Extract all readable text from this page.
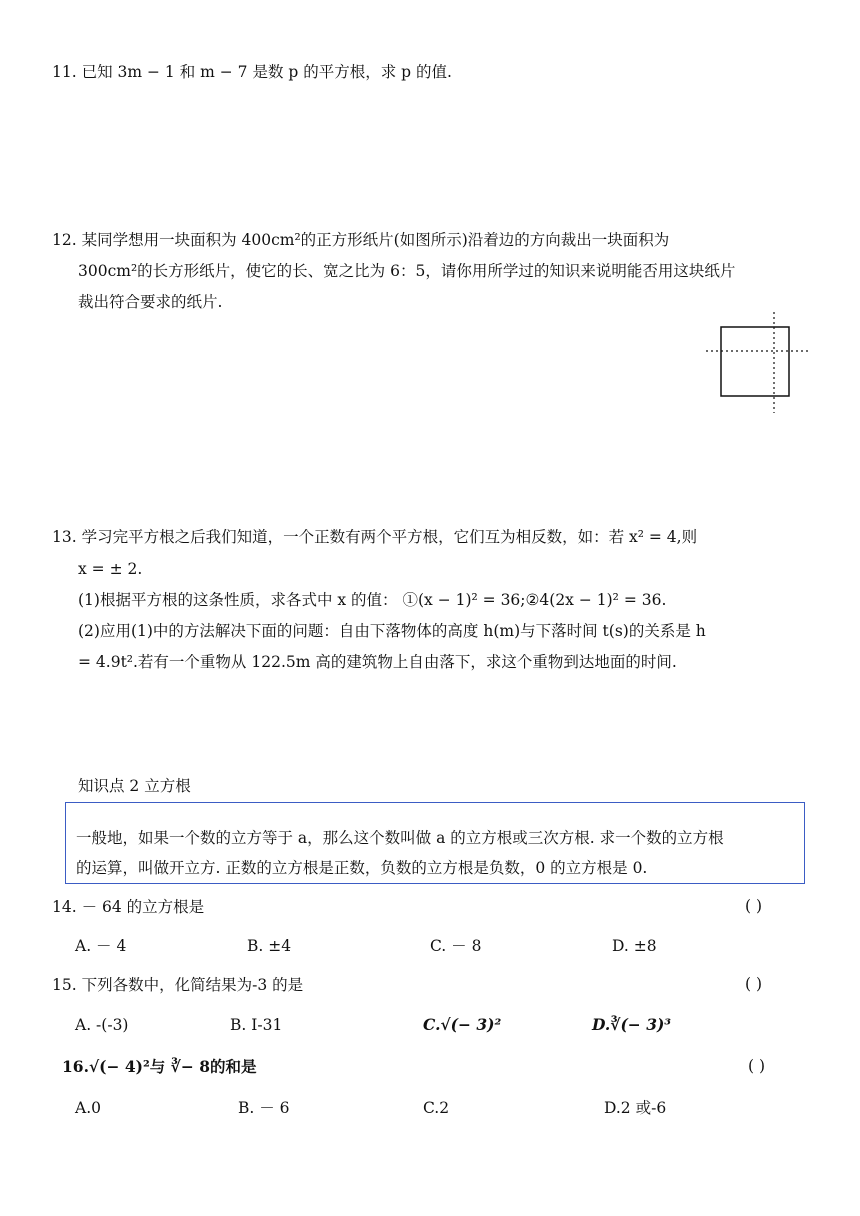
11. 已知 3m − 1 和 m − 7 是数 p 的平方根，求 p 的值.
12. 某同学想用一块面积为 400cm²的正方形纸片(如图所示)沿着边的方向裁出一块面积为
300cm²的长方形纸片，使它的长、宽之比为 6：5，请你用所学过的知识来说明能否用这块纸片
裁出符合要求的纸片.
13. 学习完平方根之后我们知道，一个正数有两个平方根，它们互为相反数，如：若 x² = 4,则
x = ± 2.
(1)根据平方根的这条性质，求各式中 x 的值： ①(x − 1)² = 36;②4(2x − 1)² = 36.
(2)应用(1)中的方法解决下面的问题：自由下落物体的高度 h(m)与下落时间 t(s)的关系是 h
= 4.9t².若有一个重物从 122.5m 高的建筑物上自由落下，求这个重物到达地面的时间.
知识点 2 立方根
一般地，如果一个数的立方等于 a，那么这个数叫做 a 的立方根或三次方根. 求一个数的立方根
的运算，叫做开立方. 正数的立方根是正数，负数的立方根是负数，0 的立方根是 0.
14. － 64 的立方根是	( )
A. － 4	B. ±4	C. － 8	D. ±8
15. 下列各数中，化简结果为-3 的是	( )
A. -(-3)	B. Ⅰ-31	C.√(− 3)²	D.∛(− 3)³
16.√(− 4)²与 ∛− 8的和是	( )
A.0	B. － 6	C.2	D.2 或-6
